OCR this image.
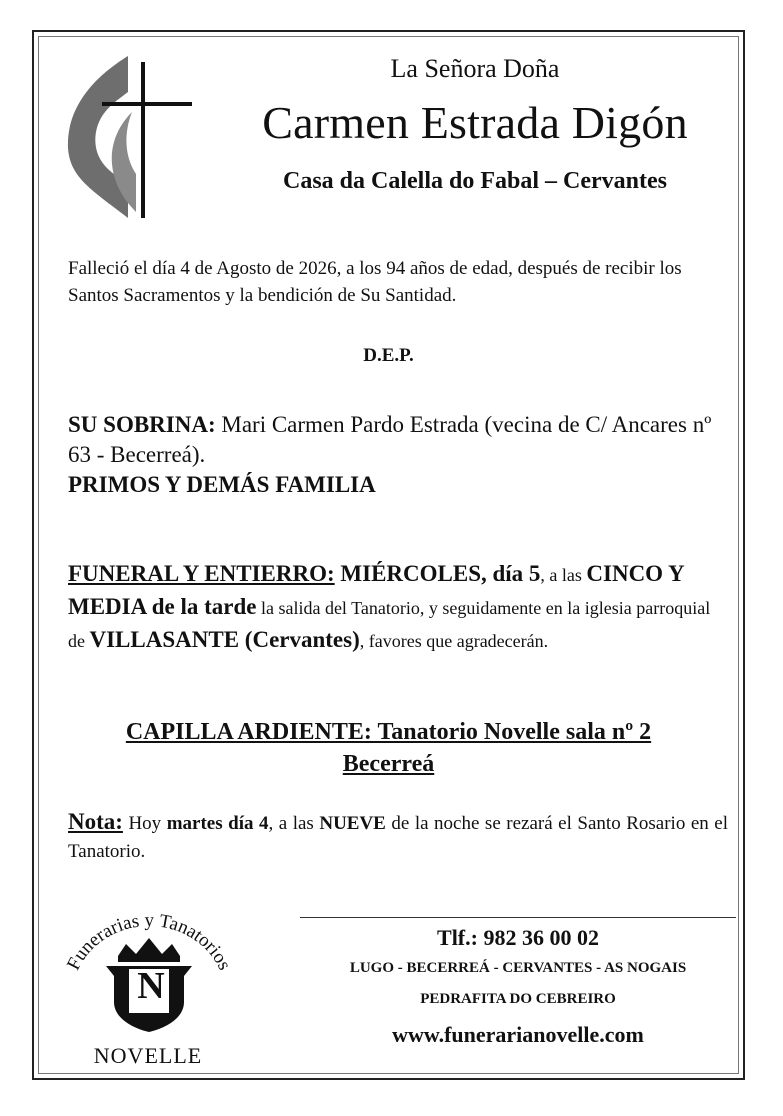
La Señora Doña
Carmen Estrada Digón
Casa da Calella do Fabal – Cervantes
Falleció el día 4 de Agosto de 2026, a los 94 años de edad, después de recibir los Santos Sacramentos y la bendición de Su Santidad.
D.E.P.
SU SOBRINA: Mari Carmen Pardo Estrada (vecina de C/ Ancares nº 63 - Becerreá).
PRIMOS Y DEMÁS FAMILIA
FUNERAL Y ENTIERRO: MIÉRCOLES, día 5, a las CINCO Y MEDIA de la tarde la salida del Tanatorio, y seguidamente en la iglesia parroquial de VILLASANTE (Cervantes), favores que agradecerán.
CAPILLA ARDIENTE: Tanatorio Novelle sala nº 2
Becerreá
Nota: Hoy martes día 4, a las NUEVE de la noche se rezará el Santo Rosario en el Tanatorio.
Funerarias y Tanatorios
N
NOVELLE
Tlf.: 982 36 00 02
LUGO - BECERREÁ - CERVANTES - AS NOGAIS
PEDRAFITA DO CEBREIRO
www.funerarianovelle.com
